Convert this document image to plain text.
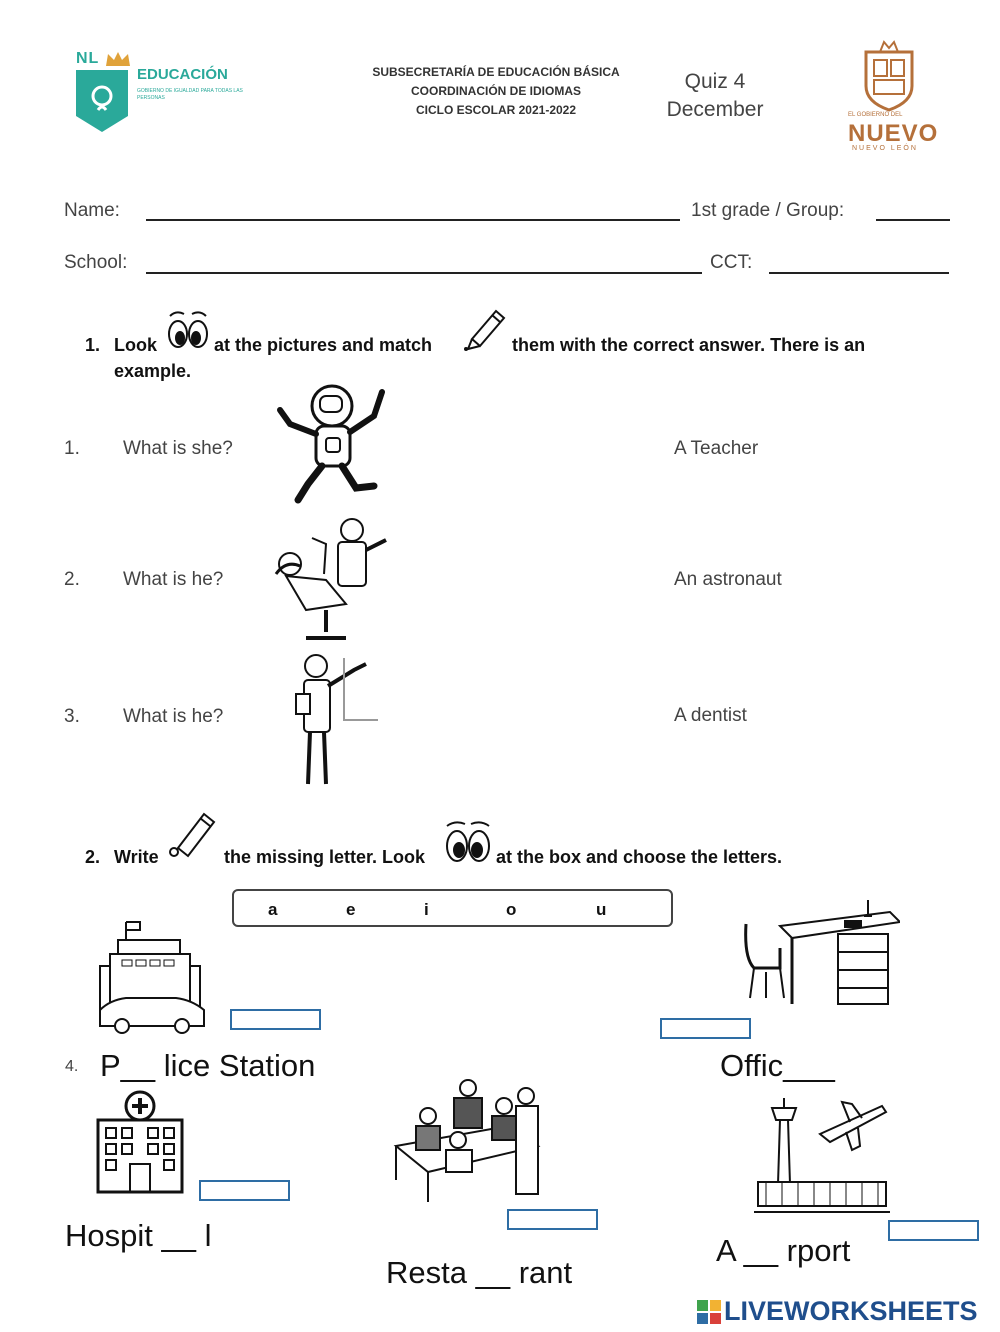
NL
EDUCACIÓN
GOBIERNO DE IGUALDAD PARA TODAS LAS PERSONAS
SUBSECRETARÍA DE EDUCACIÓN BÁSICA
COORDINACIÓN DE IDIOMAS
CICLO ESCOLAR 2021-2022
Quiz 4
December	EL GOBIERNO DEL
NUEVO
NUEVO LEÓN
Name:	1st grade / Group:
School:	CCT:
1. Look	at the pictures and match	them with the correct answer. There is an
example.
1. What is she?	A Teacher
2. What is he?	An astronaut
3. What is he?	A dentist
2. Write	the missing letter. Look	at the box and choose the letters.
a	e	i	o	u
4. P__ lice Station	Offic___
Hospit __ l
Resta __ rant
A __ rport
LIVEWORKSHEETS
